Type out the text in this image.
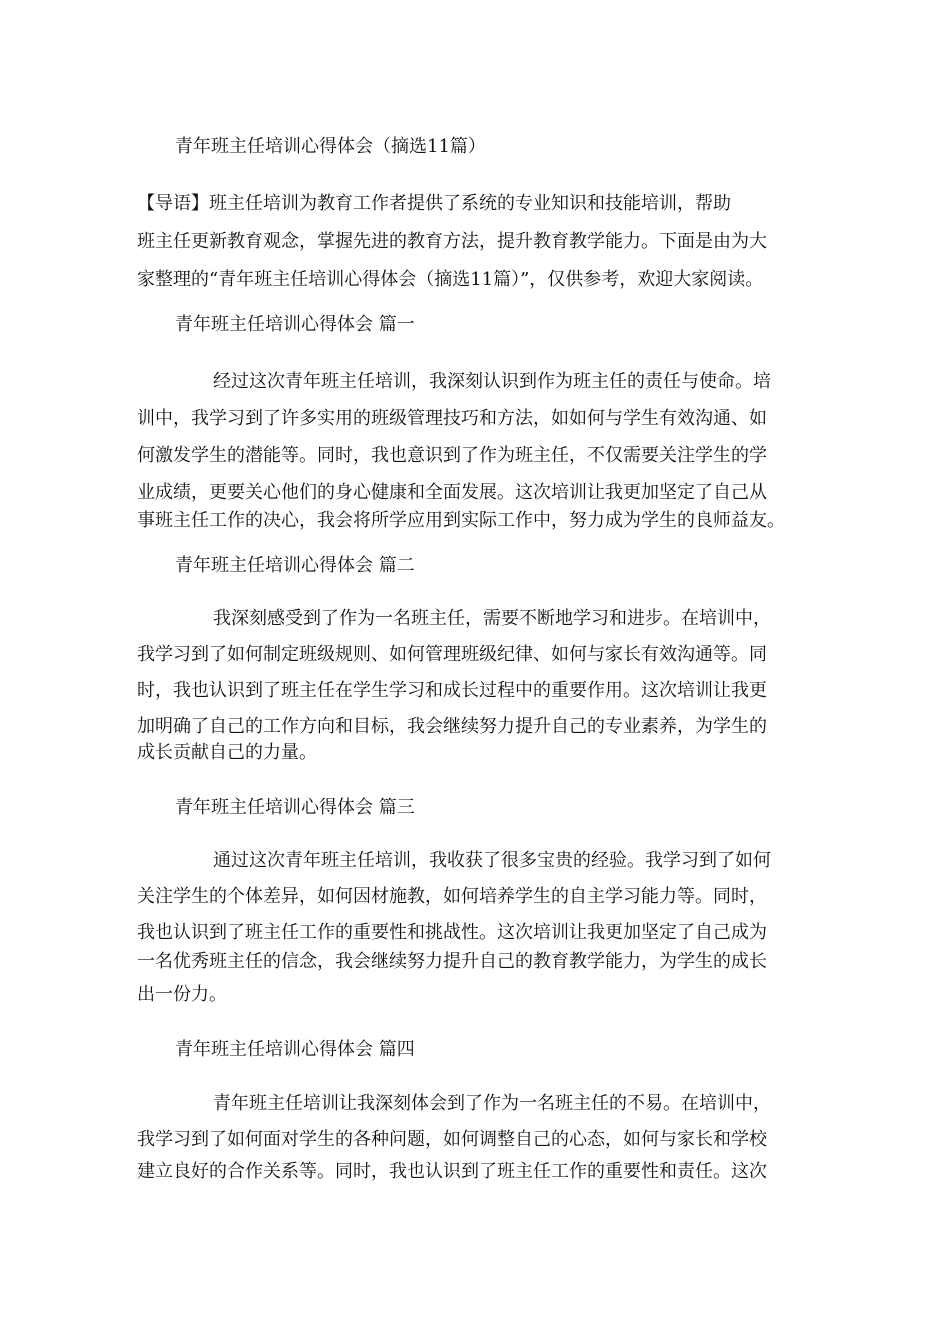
青年班主任培训心得体会（摘选11篇）
【导语】班主任培训为教育工作者提供了系统的专业知识和技能培训，帮助
班主任更新教育观念，掌握先进的教育方法，提升教育教学能力。下面是由为大
家整理的“青年班主任培训心得体会（摘选11篇）”，仅供参考，欢迎大家阅读。
青年班主任培训心得体会 篇一
经过这次青年班主任培训，我深刻认识到作为班主任的责任与使命。培
训中，我学习到了许多实用的班级管理技巧和方法，如如何与学生有效沟通、如
何激发学生的潜能等。同时，我也意识到了作为班主任，不仅需要关注学生的学
业成绩，更要关心他们的身心健康和全面发展。这次培训让我更加坚定了自己从
事班主任工作的决心，我会将所学应用到实际工作中，努力成为学生的良师益友。
青年班主任培训心得体会 篇二
我深刻感受到了作为一名班主任，需要不断地学习和进步。在培训中，
我学习到了如何制定班级规则、如何管理班级纪律、如何与家长有效沟通等。同
时，我也认识到了班主任在学生学习和成长过程中的重要作用。这次培训让我更
加明确了自己的工作方向和目标，我会继续努力提升自己的专业素养，为学生的
成长贡献自己的力量。
青年班主任培训心得体会 篇三
通过这次青年班主任培训，我收获了很多宝贵的经验。我学习到了如何
关注学生的个体差异，如何因材施教，如何培养学生的自主学习能力等。同时，
我也认识到了班主任工作的重要性和挑战性。这次培训让我更加坚定了自己成为
一名优秀班主任的信念，我会继续努力提升自己的教育教学能力，为学生的成长
出一份力。
青年班主任培训心得体会 篇四
青年班主任培训让我深刻体会到了作为一名班主任的不易。在培训中，
我学习到了如何面对学生的各种问题，如何调整自己的心态，如何与家长和学校
建立良好的合作关系等。同时，我也认识到了班主任工作的重要性和责任。这次
